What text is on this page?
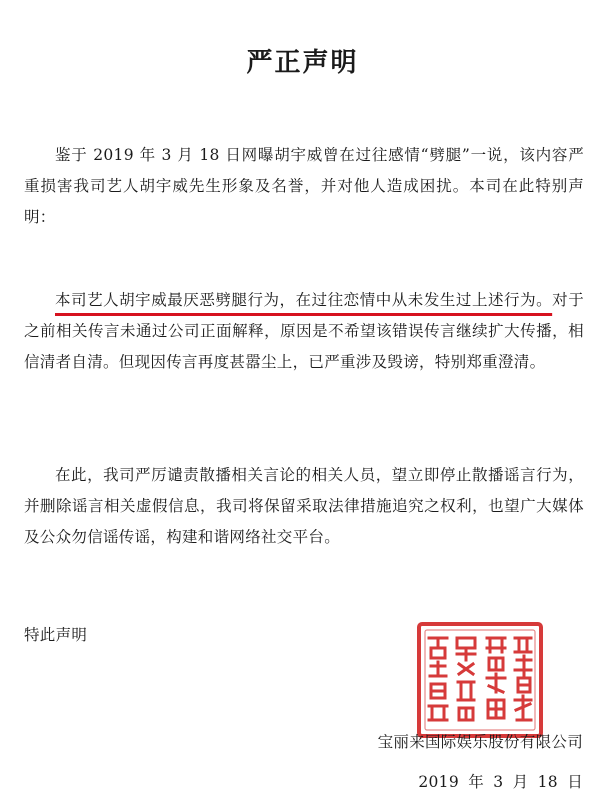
严正声明
鉴于 2019 年 3 月 18 日网曝胡宇威曾在过往感情“劈腿”一说，该内容严重损害我司艺人胡宇威先生形象及名誉，并对他人造成困扰。本司在此特别声明：
本司艺人胡宇威最厌恶劈腿行为，在过往恋情中从未发生过上述行为。对于之前相关传言未通过公司正面解释，原因是不希望该错误传言继续扩大传播，相信清者自清。但现因传言再度甚嚣尘上，已严重涉及毁谤，特别郑重澄清。
在此，我司严厉谴责散播相关言论的相关人员，望立即停止散播谣言行为，并删除谣言相关虚假信息，我司将保留采取法律措施追究之权利，也望广大媒体及公众勿信谣传谣，构建和谐网络社交平台。
特此声明
宝丽来国际娱乐股份有限公司
2019 年 3 月 18 日
